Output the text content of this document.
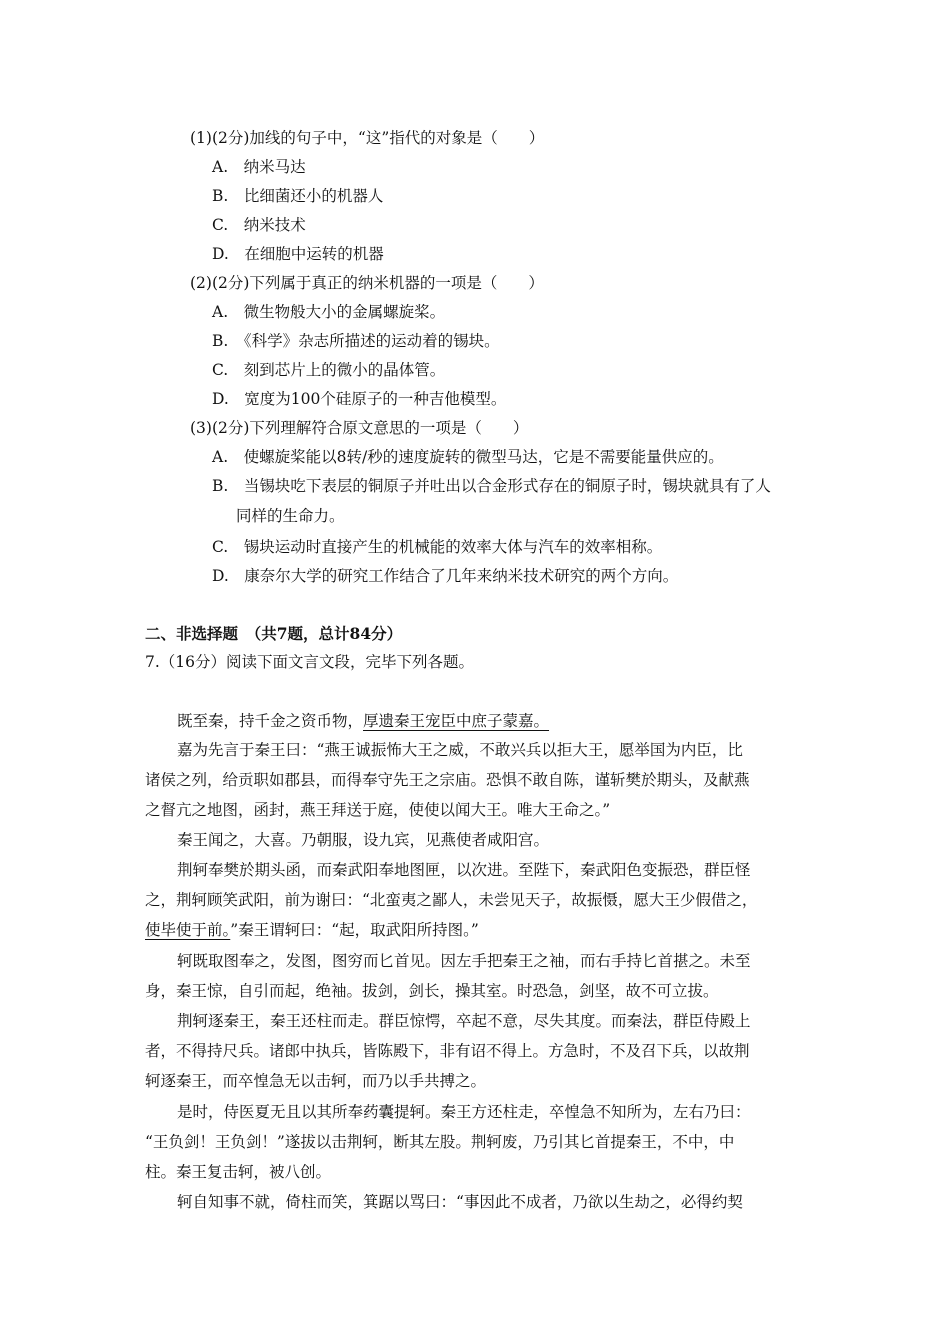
(1)(2分)加线的句子中，“这”指代的对象是（　　）
A.　纳米马达
B.　比细菌还小的机器人
C.　纳米技术
D.　在细胞中运转的机器
(2)(2分)下列属于真正的纳米机器的一项是（　　）
A.　微生物般大小的金属螺旋桨。
B.　《科学》杂志所描述的运动着的锡块。
C.　刻到芯片上的微小的晶体管。
D.　宽度为100个硅原子的一种吉他模型。
(3)(2分)下列理解符合原文意思的一项是（　　）
A.　使螺旋桨能以8转/秒的速度旋转的微型马达，它是不需要能量供应的。
B.　当锡块吃下表层的铜原子并吐出以合金形式存在的铜原子时，锡块就具有了人
同样的生命力。
C.　锡块运动时直接产生的机械能的效率大体与汽车的效率相称。
D.　康奈尔大学的研究工作结合了几年来纳米技术研究的两个方向。
二、非选择题　（共7题，总计84分）
7.（16分）阅读下面文言文段，完毕下列各题。
既至秦，持千金之资币物，厚遗秦王宠臣中庶子蒙嘉。
嘉为先言于秦王曰：“燕王诚振怖大王之威，不敢兴兵以拒大王，愿举国为内臣，比
诸侯之列，给贡职如郡县，而得奉守先王之宗庙。恐惧不敢自陈，谨斩樊於期头，及献燕
之督亢之地图，函封，燕王拜送于庭，使使以闻大王。唯大王命之。”
秦王闻之，大喜。乃朝服，设九宾，见燕使者咸阳宫。
荆轲奉樊於期头函，而秦武阳奉地图匣，以次进。至陛下，秦武阳色变振恐，群臣怪
之，荆轲顾笑武阳，前为谢曰：“北蛮夷之鄙人，未尝见天子，故振慑，愿大王少假借之，
使毕使于前。”秦王谓轲曰：“起，取武阳所持图。”
轲既取图奉之，发图，图穷而匕首见。因左手把秦王之袖，而右手持匕首揕之。未至
身，秦王惊，自引而起，绝袖。拔剑，剑长，操其室。时恐急，剑坚，故不可立拔。
荆轲逐秦王，秦王还柱而走。群臣惊愕，卒起不意，尽失其度。而秦法，群臣侍殿上
者，不得持尺兵。诸郎中执兵，皆陈殿下，非有诏不得上。方急时，不及召下兵，以故荆
轲逐秦王，而卒惶急无以击轲，而乃以手共搏之。
是时，侍医夏无且以其所奉药囊提轲。秦王方还柱走，卒惶急不知所为，左右乃曰：
“王负剑！王负剑！”遂拔以击荆轲，断其左股。荆轲废，乃引其匕首提秦王，不中，中
柱。秦王复击轲，被八创。
轲自知事不就，倚柱而笑，箕踞以骂曰：“事因此不成者，乃欲以生劫之，必得约契
